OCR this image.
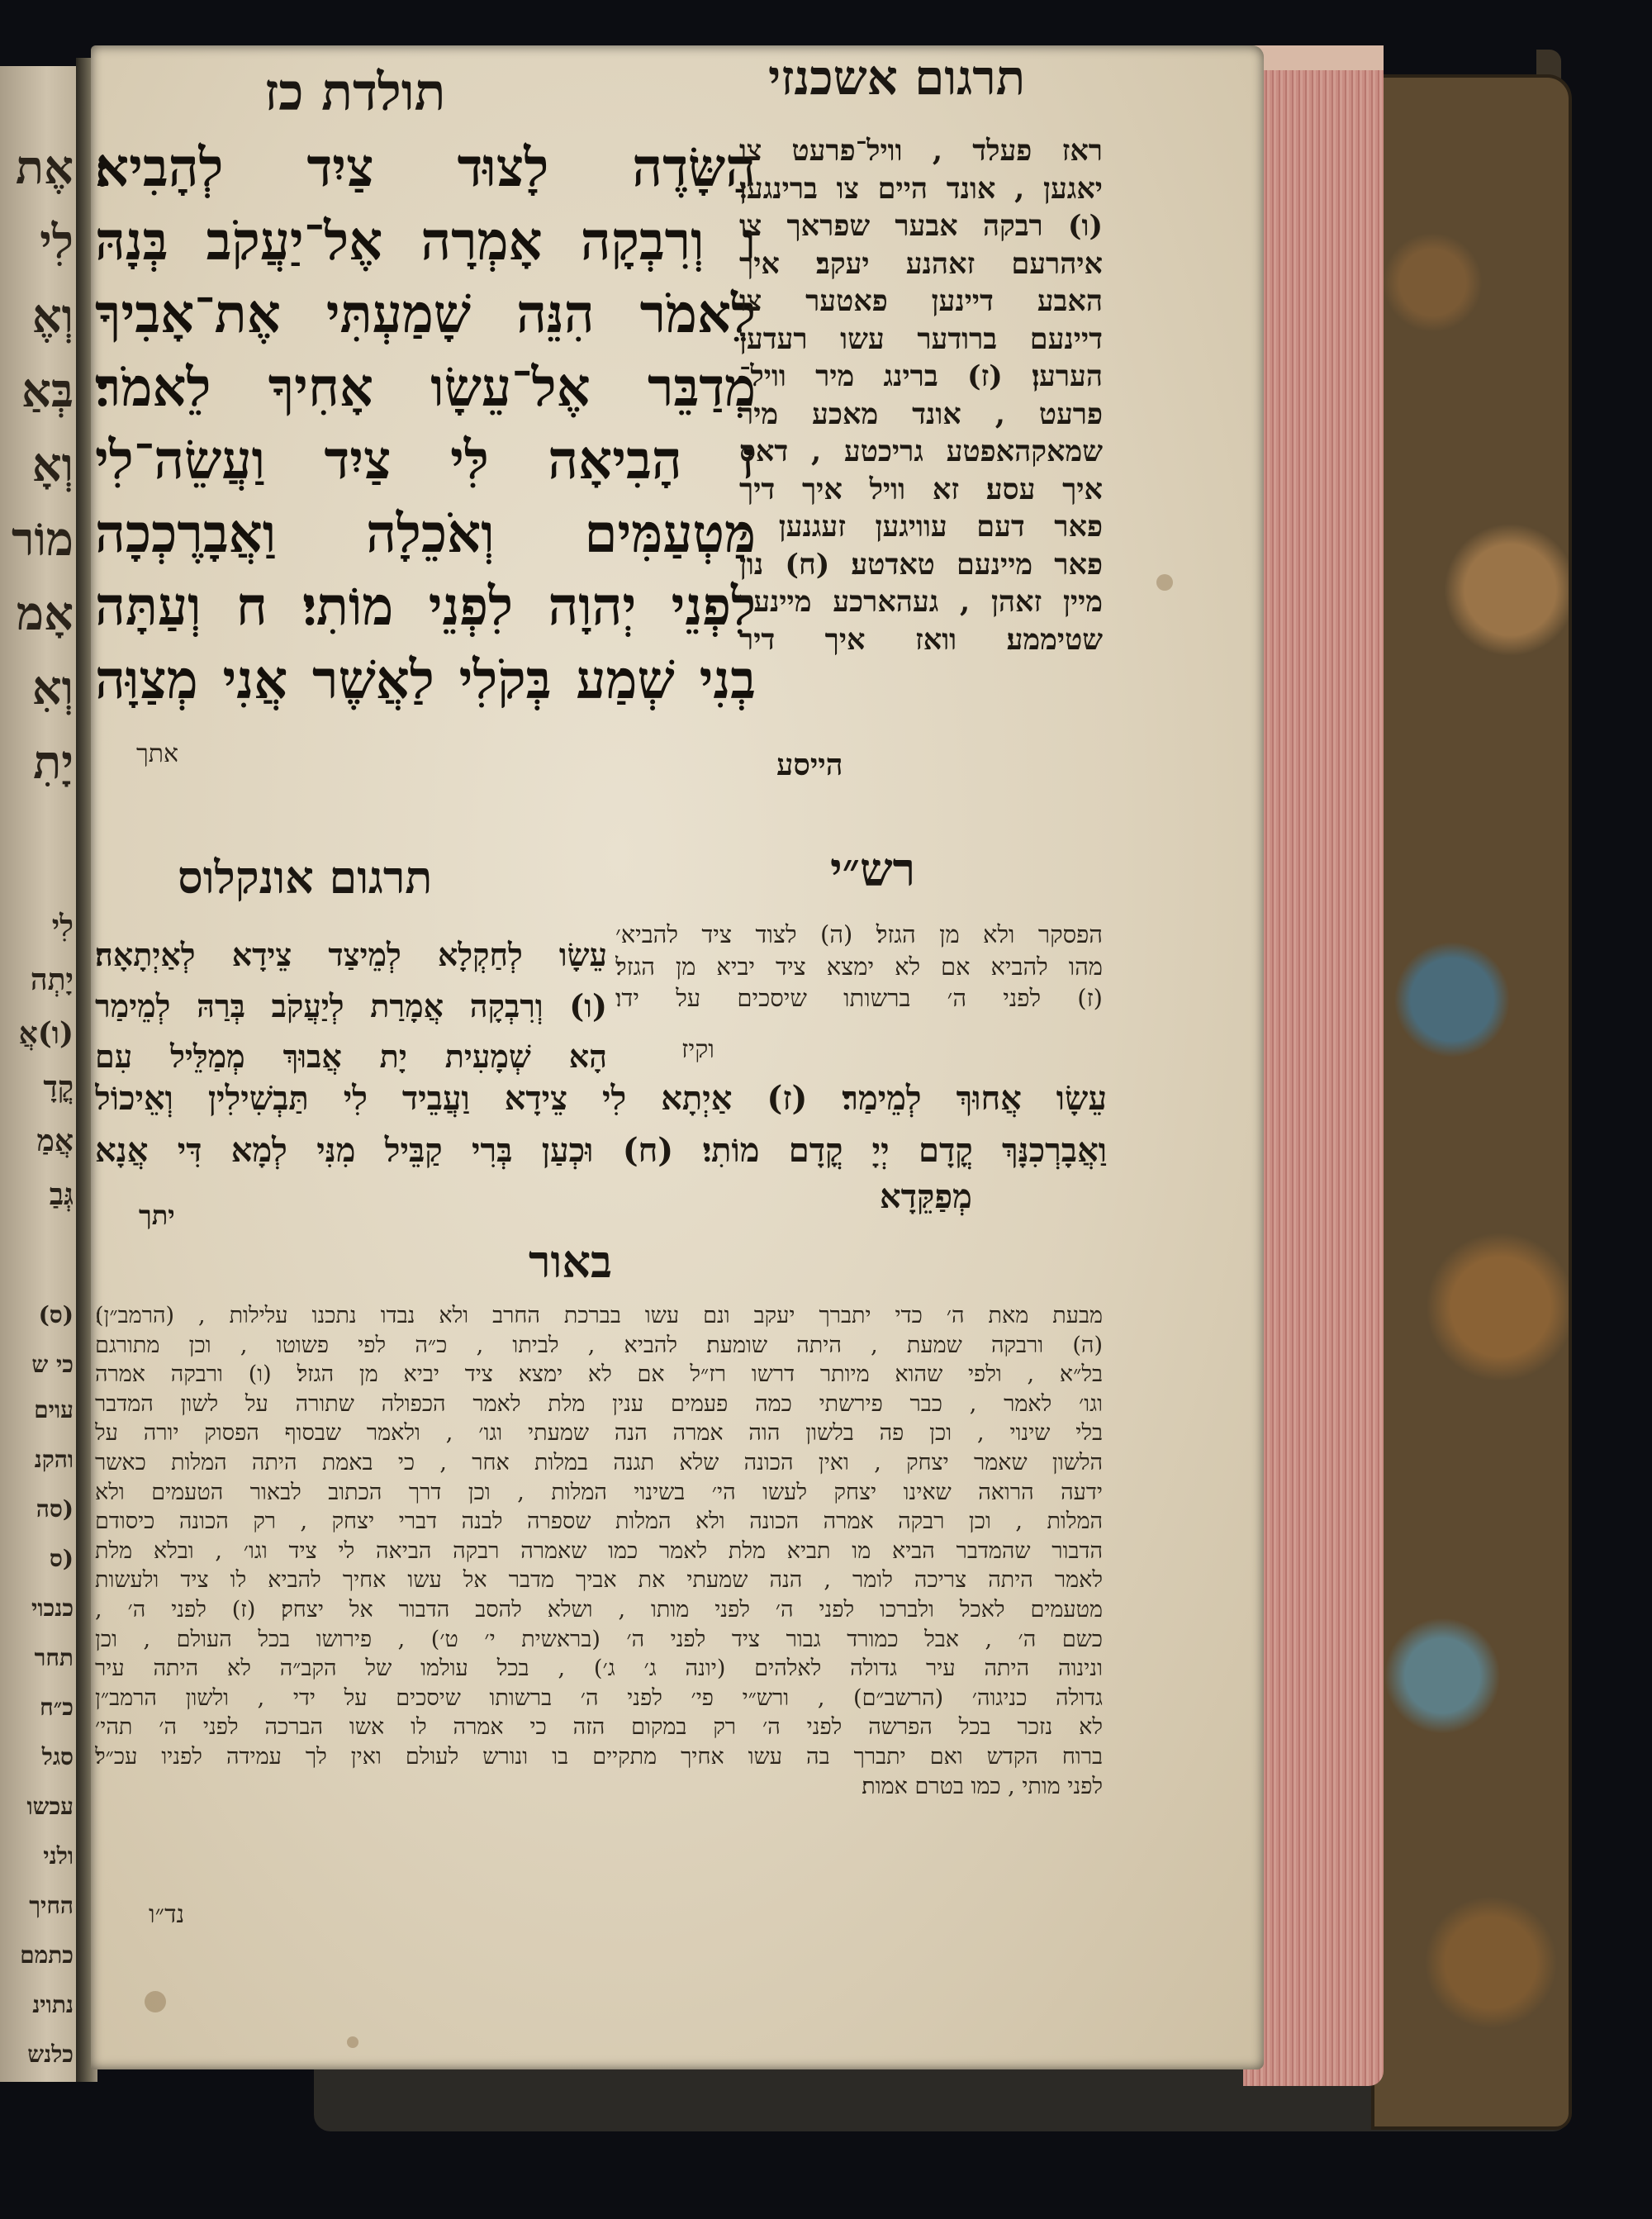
אֶת
לִי
וְאֶ
בְּאַ
וְאָ
מוֹר
אָמ
וְאִ
יָתִ
לִי
יָתְה
(ו)אֲ
קֳדָ
אֲמַ
גְּבַ
(ס)
כי ש
עוים
והקנ
(סה
(ס
כנכוי
תחר
כ״ח
סגל
עכשו
ולני
החיך
כתמם
נתוינ
כלנש
תולדת כז	תרגום אשכנזי
הַשָּׂדֶה לָצוּד צַיִד לְהָבִיא׃
ו וְרִבְקָה אָמְרָה אֶל־יַעֲקֹב בְּנָהּ
לֵאמֹר הִנֵּה שָׁמַעְתִּי אֶת־אָבִיךָ
מְדַבֵּר אֶל־עֵשָׂו אָחִיךָ לֵאמֹר׃
ז הָבִיאָה לִּי צַיִד וַעֲשֵׂה־לִי
מַטְעַמִּים וְאֹכֵלָה וַאֲבָרֶכְכָה
לִפְנֵי יְהוָה לִפְנֵי מוֹתִי׃ ח וְעַתָּה
בְנִי שְׁמַע בְּקֹלִי לַאֲשֶׁר אֲנִי מְצַוָּה
אתך
ראז פעלד , וויל־פרעט צו
יאגען , אונד היים צו ברינגען׃
(ו) רבקה אבער שפראך צו
איהרעם זאהנע יעקב׃ איך
האבע דיינען פאטער צו
דיינעם ברודער עשו רעדען
הערען׃ (ז) ברינג מיר וויל־
פרעט , אונד מאכע מיר
שמאקהאפטע גריכטע , דאס
איך עסע׃ זא וויל איך דיך
פאר דעם עוויגען זעגנען ,
פאר מיינעם טאדטע׃ (ח) נון
מיין זאהן , געהארכע מיינער
שטיממע׃ וואז איך דיר
הייסע
תרגום אונקלוס	רש״י
הפסקר ולא מן הגזל׃ (ה) לצוד ציד להביא׳
מהו להביא אם לא ימצא ציד יביא מן הגזל׃
(ז) לפני ה׳ ברשותו שיסכים על ידו׃
וקיז
עֵשָׂו לְחַקְלָא לְמֵיצַד צֵידָא לְאַיְתָאָה׃
(ו) וְרִבְקָה אֲמָרַת לְיַעֲקֹב בְּרַהּ לְמֵימַר
הָא שְׁמָעִית יָת אֲבוּךְ מְמַלֵּיל עִם
עֵשָׂו אֲחוּךְ לְמֵימַר׃ (ז) אַיְתָא לִי צֵידָא וַעֲבֵיד לִי תַּבְשִׁילִין וְאֵיכוֹל
וַאֲבָרְכִנָּךְ קֳדָם יְיָ קֳדָם מוֹתִי׃ (ח) וּכְעַן בְּרִי קַבֵּיל מִנִּי לְמָא דִּי אֲנָא
מְפַקֵּדָא
יתך
באור
מבעת מאת ה׳ כדי יתברך יעקב ונם עשו בברכת החרב ולא נבדו נתכנו עלילות , (הרמב״ן)׃
(ה) ורבקה שמעת , היתה שומעת׃ להביא , לביתו , כ״ה לפי פשוטו , וכן מתורגם
בל״א , ולפי שהוא מיותר דרשו רז״ל אם לא ימצא ציד יביא מן הגזל׃ (ו) ורבקה אמרה
וגו׳ לאמר , כבר פירשתי כמה פעמים ענין מלת לאמר הכפולה שתורה על לשון המדבר
בלי שינוי , וכן פה בלשון הוה אמרה הנה שמעתי וגו׳ , ולאמר שבסוף הפסוק יורה על
הלשון שאמר יצחק , ואין הכונה שלא תגנה במלות אחר , כי באמת היתה המלות כאשר
ידעה הרואה שאינו יצחק לעשו הי׳ בשינוי המלות , וכן דרך הכתוב לבאור הטעמים ולא
המלות , וכן רבקה אמרה הכונה ולא המלות שספרה לבנה דברי יצחק , רק הכונה כיסודם
הדבור שהמדבר הביא מו תביא מלת לאמר כמו שאמרה רבקה הביאה לי ציד וגו׳ , ובלא מלת
לאמר היתה צריכה לומר , הנה שמעתי את אביך מדבר אל עשו אחיך להביא לו ציד ולעשות
מטעמים לאכל ולברכו לפני ה׳ לפני מותו , ושלא להסב הדבור אל יצחק׃ (ז) לפני ה׳ ,
כשם ה׳ , אבל כמורד גבור ציד לפני ה׳ (בראשית י׳ ט׳) , פירושו בכל העולם , וכן
ונינוה היתה עיר גדולה לאלהים (יונה ג׳ ג׳) , בכל עולמו של הקב״ה לא היתה עיר
גדולה כניגוה׳ (הרשב״ם) , ורש״י פי׳ לפני ה׳ ברשותו שיסכים על ידי , ולשון הרמב״ן
לא נזכר בכל הפרשה לפני ה׳ רק במקום הזה כי אמרה לו אשו הברכה לפני ה׳ תהי׳
ברוח הקדש ואם יתברך בה עשו אחיך מתקיים בו ונורש לעולם ואין לך עמידה לפניו עכ״ל׃
לפני מותי , כמו בטרם אמות׃
נד״ו
